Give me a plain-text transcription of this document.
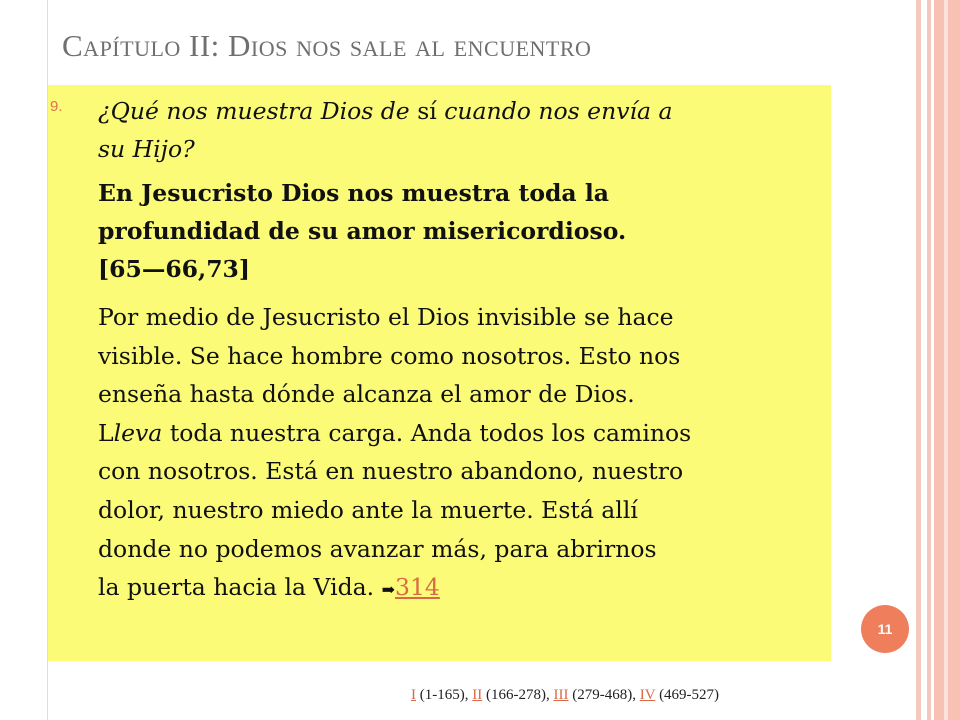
Capítulo II: Dios nos sale al encuentro
9. ¿Qué nos muestra Dios de sí cuando nos envía a
su Hijo?

En Jesucristo Dios nos muestra toda la
profundidad de su amor misericordioso.
[65—66,73]

Por medio de Jesucristo el Dios invisible se hace
visible. Se hace hombre como nosotros. Esto nos
enseña hasta dónde alcanza el amor de Dios.
Lleva toda nuestra carga. Anda todos los caminos
con nosotros. Está en nuestro abandono, nuestro
dolor, nuestro miedo ante la muerte. Está allí
donde no podemos avanzar más, para abrirnos
la puerta hacia la Vida. ➡314
11
I (1-165), II (166-278), III (279-468), IV (469-527)
